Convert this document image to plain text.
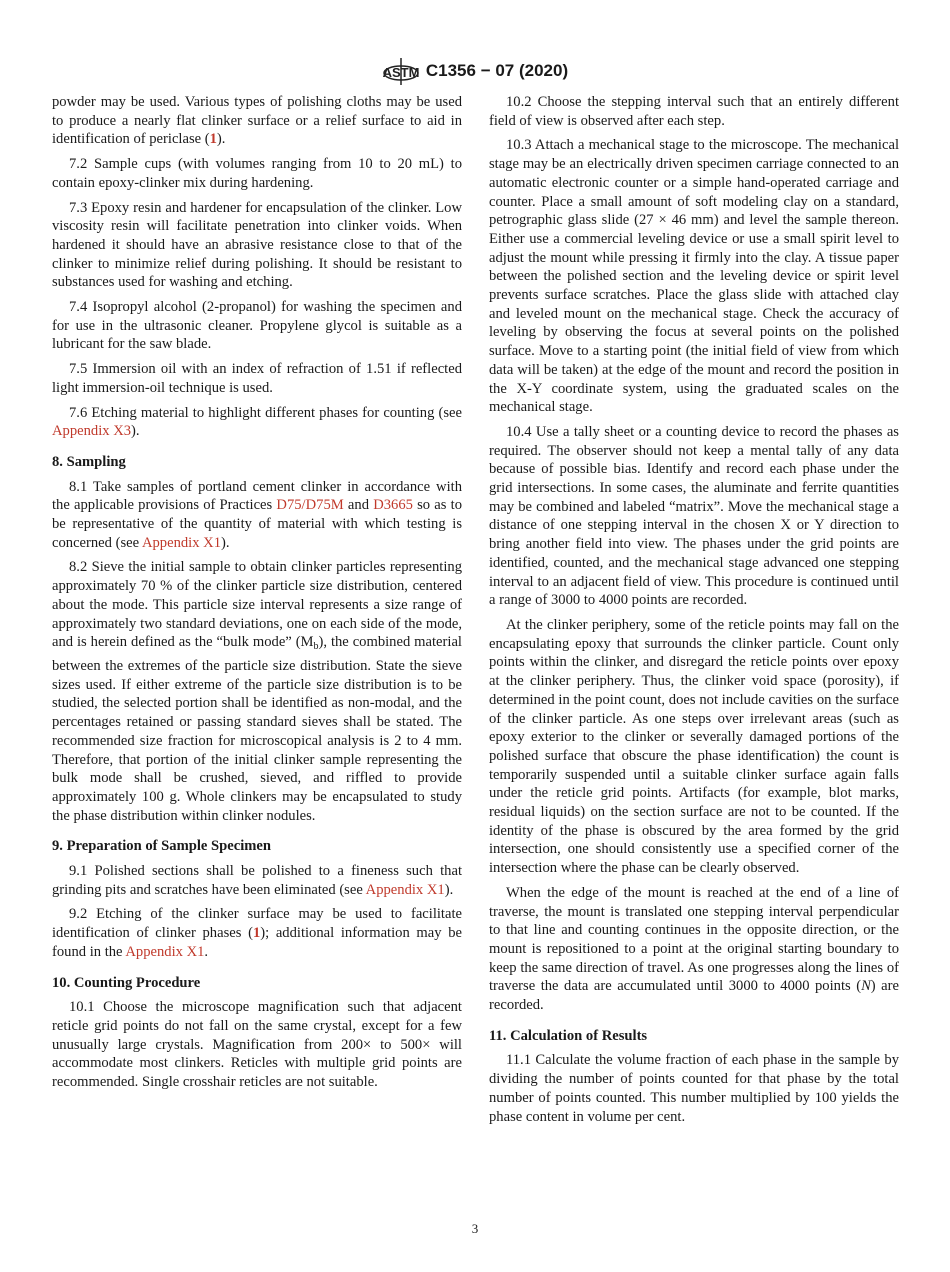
ASTM C1356 − 07 (2020)

powder may be used. Various types of polishing cloths may be used to produce a nearly flat clinker surface or a relief surface to aid in identification of periclase (1).

7.2 Sample cups (with volumes ranging from 10 to 20 mL) to contain epoxy-clinker mix during hardening.

7.3 Epoxy resin and hardener for encapsulation of the clinker. Low viscosity resin will facilitate penetration into clinker voids. When hardened it should have an abrasive resistance close to that of the clinker to minimize relief during polishing. It should be resistant to substances used for washing and etching.

7.4 Isopropyl alcohol (2-propanol) for washing the specimen and for use in the ultrasonic cleaner. Propylene glycol is suitable as a lubricant for the saw blade.

7.5 Immersion oil with an index of refraction of 1.51 if reflected light immersion-oil technique is used.

7.6 Etching material to highlight different phases for counting (see Appendix X3).

8. Sampling

8.1 Take samples of portland cement clinker in accordance with the applicable provisions of Practices D75/D75M and D3665 so as to be representative of the quantity of material with which testing is concerned (see Appendix X1).

8.2 Sieve the initial sample to obtain clinker particles representing approximately 70 % of the clinker particle size distribution, centered about the mode. This particle size interval represents a size range of approximately two standard deviations, one on each side of the mode, and is herein defined as the “bulk mode” $(M_b)$, the combined material between the extremes of the particle size distribution. State the sieve sizes used. If either extreme of the particle size distribution is to be studied, the selected portion shall be identified as non-modal, and the percentages retained or passing standard sieves shall be stated. The recommended size fraction for microscopical analysis is 2 to 4 mm. Therefore, that portion of the initial clinker sample representing the bulk mode shall be crushed, sieved, and riffled to provide approximately 100 g. Whole clinkers may be encapsulated to study the phase distribution within clinker nodules.

9. Preparation of Sample Specimen

9.1 Polished sections shall be polished to a fineness such that grinding pits and scratches have been eliminated (see Appendix X1).

9.2 Etching of the clinker surface may be used to facilitate identification of clinker phases (1); additional information may be found in the Appendix X1.

10. Counting Procedure

10.1 Choose the microscope magnification such that adjacent reticle grid points do not fall on the same crystal, except for a few unusually large crystals. Magnification from 200× to 500× will accommodate most clinkers. Reticles with multiple grid points are recommended. Single crosshair reticles are not suitable.

10.2 Choose the stepping interval such that an entirely different field of view is observed after each step.

10.3 Attach a mechanical stage to the microscope. The mechanical stage may be an electrically driven specimen carriage connected to an automatic electronic counter or a simple hand-operated carriage and counter. Place a small amount of soft modeling clay on a standard, petrographic glass slide (27 × 46 mm) and level the sample thereon. Either use a commercial leveling device or use a small spirit level to adjust the mount while pressing it firmly into the clay. A tissue paper between the polished section and the leveling device or spirit level prevents surface scratches. Place the glass slide with attached clay and leveled mount on the mechanical stage. Check the accuracy of leveling by observing the focus at several points on the polished surface. Move to a starting point (the initial field of view from which data will be taken) at the edge of the mount and record the position in the X-Y coordinate system, using the graduated scales on the mechanical stage.

10.4 Use a tally sheet or a counting device to record the phases as required. The observer should not keep a mental tally of any data because of possible bias. Identify and record each phase under the grid intersections. In some cases, the aluminate and ferrite quantities may be combined and labeled “matrix”. Move the mechanical stage a distance of one stepping interval in the chosen X or Y direction to bring another field into view. The phases under the grid points are identified, counted, and the mechanical stage advanced one stepping interval to an adjacent field of view. This procedure is continued until a range of 3000 to 4000 points are recorded.

At the clinker periphery, some of the reticle points may fall on the encapsulating epoxy that surrounds the clinker particle. Count only points within the clinker, and disregard the reticle points over epoxy at the clinker periphery. Thus, the clinker void space (porosity), if determined in the point count, does not include cavities on the surface of the clinker particle. As one steps over irrelevant areas (such as epoxy exterior to the clinker or severally damaged portions of the polished surface that obscure the phase identification) the count is temporarily suspended until a suitable clinker surface again falls under the reticle grid points. Artifacts (for example, blot marks, residual liquids) on the section surface are not to be counted. If the identity of the phase is obscured by the area formed by the grid intersection, one should consistently use a specified corner of the intersection where the phase can be clearly observed.

When the edge of the mount is reached at the end of a line of traverse, the mount is translated one stepping interval perpendicular to that line and counting continues in the opposite direction, or the mount is repositioned to a point at the original starting boundary to keep the same direction of travel. As one progresses along the lines of traverse the data are accumulated until 3000 to 4000 points (N) are recorded.

11. Calculation of Results

11.1 Calculate the volume fraction of each phase in the sample by dividing the number of points counted for that phase by the total number of points counted. This number multiplied by 100 yields the phase content in volume per cent.

3
